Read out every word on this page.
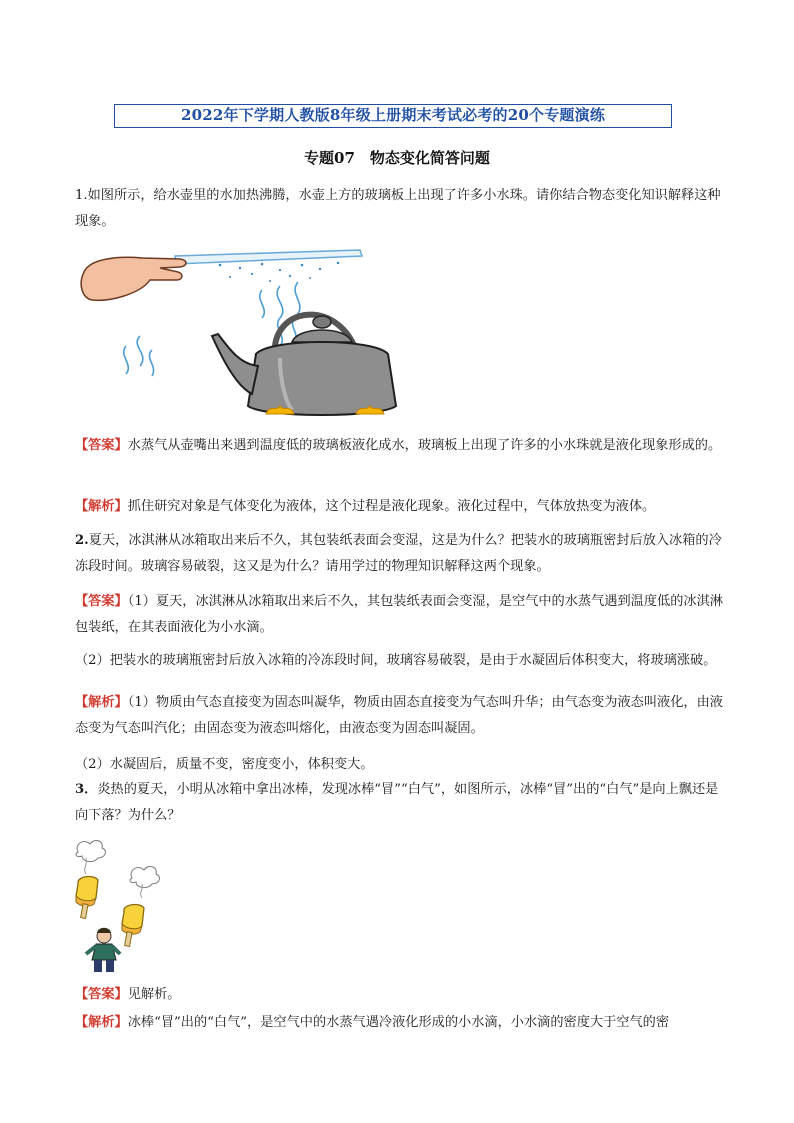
2022年下学期人教版8年级上册期末考试必考的20个专题演练
专题07　物态变化简答问题
1.如图所示，给水壶里的水加热沸腾，水壶上方的玻璃板上出现了许多小水珠。请你结合物态变化知识解释这种现象。
【答案】水蒸气从壶嘴出来遇到温度低的玻璃板液化成水，玻璃板上出现了许多的小水珠就是液化现象形成的。
【解析】抓住研究对象是气体变化为液体，这个过程是液化现象。液化过程中，气体放热变为液体。
2.夏天，冰淇淋从冰箱取出来后不久，其包装纸表面会变湿，这是为什么？把装水的玻璃瓶密封后放入冰箱的冷冻段时间。玻璃容易破裂，这又是为什么？请用学过的物理知识解释这两个现象。
【答案】（1）夏天，冰淇淋从冰箱取出来后不久，其包装纸表面会变湿，是空气中的水蒸气遇到温度低的冰淇淋包装纸，在其表面液化为小水滴。
（2）把装水的玻璃瓶密封后放入冰箱的冷冻段时间，玻璃容易破裂，是由于水凝固后体积变大，将玻璃涨破。
【解析】（1）物质由气态直接变为固态叫凝华，物质由固态直接变为气态叫升华；由气态变为液态叫液化，由液态变为气态叫汽化；由固态变为液态叫熔化，由液态变为固态叫凝固。
（2）水凝固后，质量不变，密度变小，体积变大。
3．炎热的夏天，小明从冰箱中拿出冰棒，发现冰棒“冒”“白气”，如图所示，冰棒“冒”出的“白气”是向上飘还是向下落？为什么？
【答案】见解析。
【解析】冰棒“冒”出的“白气”，是空气中的水蒸气遇冷液化形成的小水滴，小水滴的密度大于空气的密
